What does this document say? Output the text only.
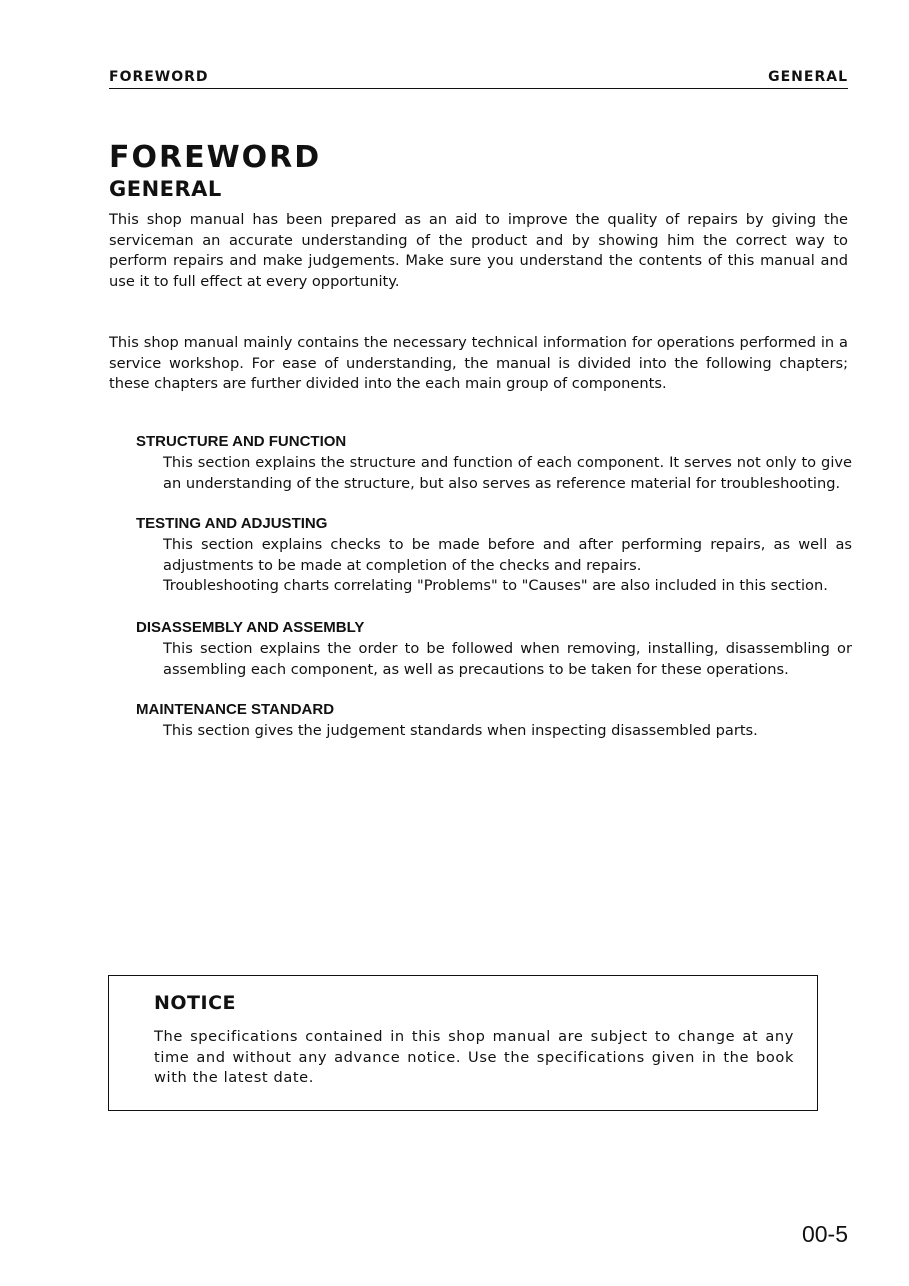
FOREWORD	GENERAL
FOREWORD
GENERAL

This shop manual has been prepared as an aid to improve the quality of repairs by giving the serviceman an accurate understanding of the product and by showing him the correct way to perform repairs and make judgements. Make sure you understand the contents of this manual and use it to full effect at every opportunity.

This shop manual mainly contains the necessary technical information for operations performed in a service workshop. For ease of understanding, the manual is divided into the following chapters; these chapters are further divided into the each main group of components.

STRUCTURE AND FUNCTION

This section explains the structure and function of each component. It serves not only to give an understanding of the structure, but also serves as reference material for troubleshooting.

TESTING AND ADJUSTING

This section explains checks to be made before and after performing repairs, as well as adjustments to be made at completion of the checks and repairs.

Troubleshooting charts correlating "Problems" to "Causes" are also included in this section.

DISASSEMBLY AND ASSEMBLY

This section explains the order to be followed when removing, installing, disassembling or assembling each component, as well as precautions to be taken for these operations.

MAINTENANCE STANDARD

This section gives the judgement standards when inspecting disassembled parts.

NOTICE

The specifications contained in this shop manual are subject to change at any time and without any advance notice. Use the specifications given in the book with the latest date.

00-5
